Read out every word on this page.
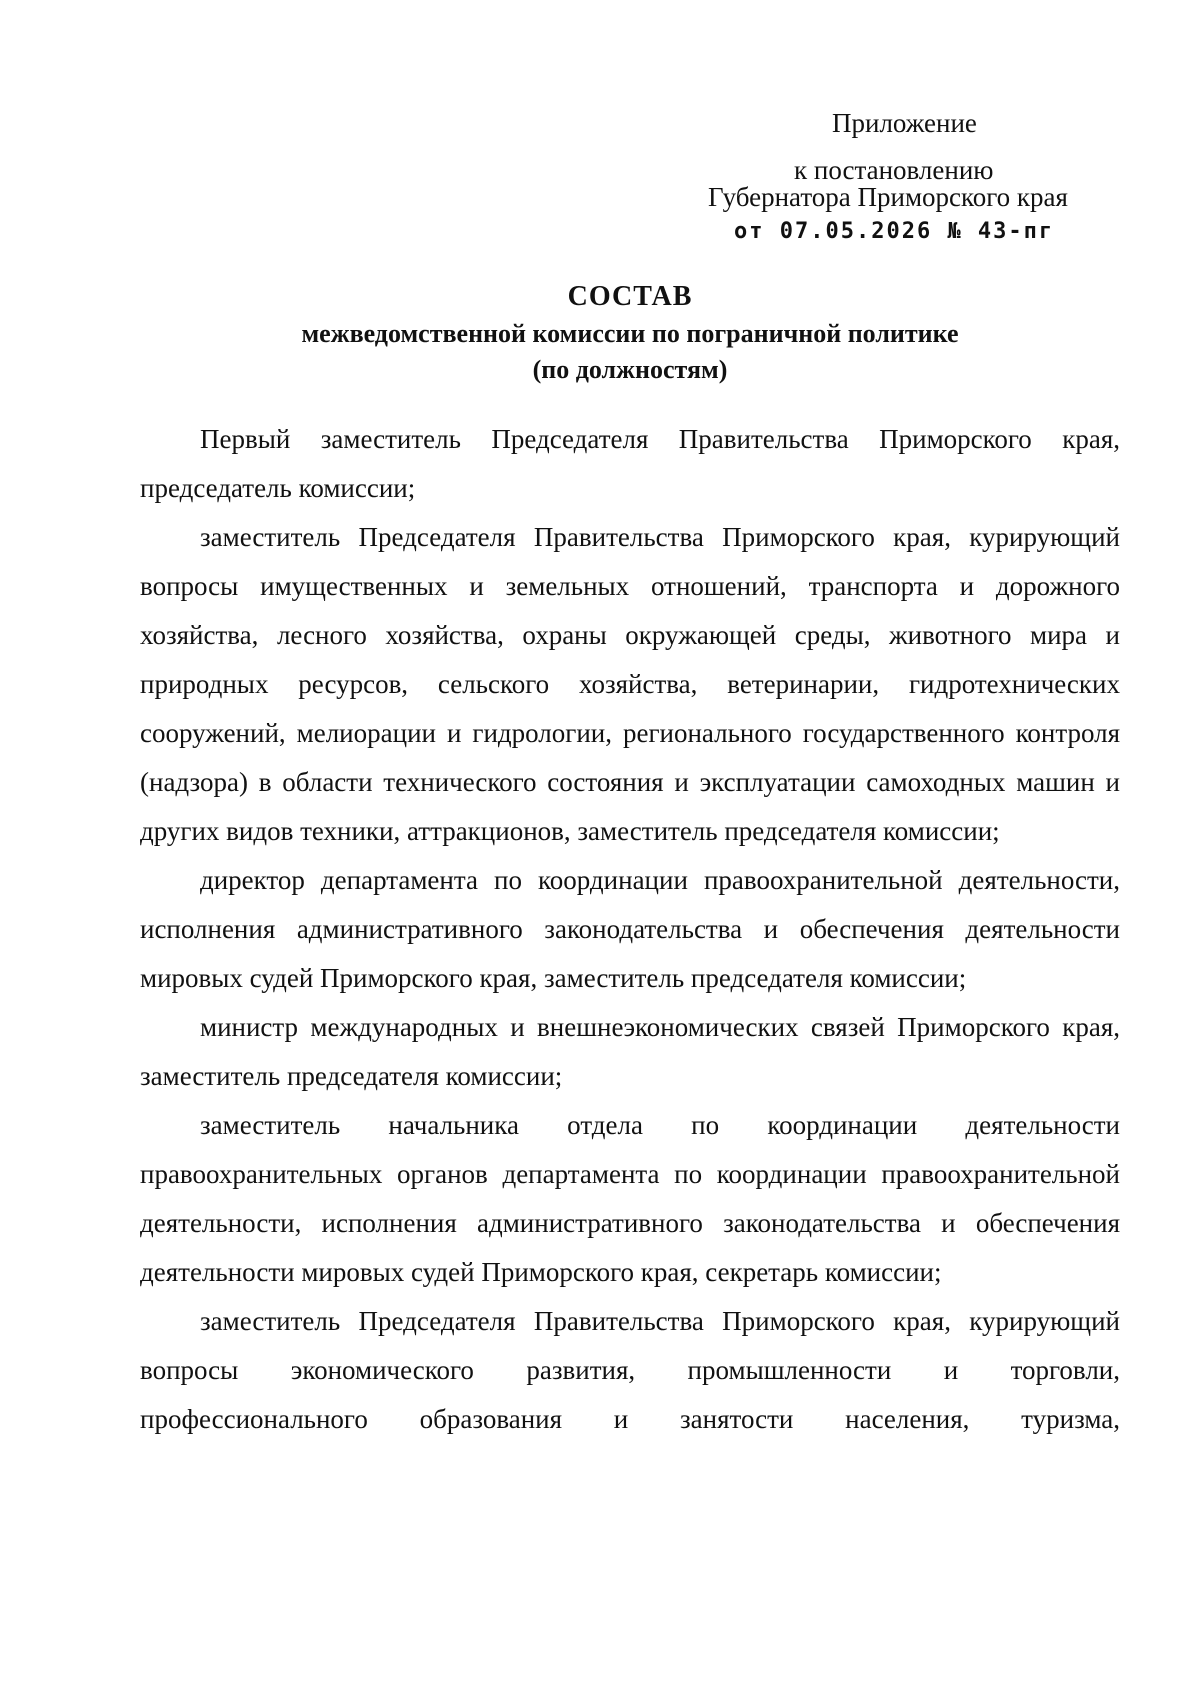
Приложение
к постановлению
Губернатора Приморского края
от 07.05.2026 № 43-пг
СОСТАВ
межведомственной комиссии по пограничной политике
(по должностям)

Первый заместитель Председателя Правительства Приморского края, председатель комиссии;

заместитель Председателя Правительства Приморского края, курирующий вопросы имущественных и земельных отношений, транспорта и дорожного хозяйства, лесного хозяйства, охраны окружающей среды, животного мира и природных ресурсов, сельского хозяйства, ветеринарии, гидротехнических сооружений, мелиорации и гидрологии, регионального государственного контроля (надзора) в области технического состояния и эксплуатации самоходных машин и других видов техники, аттракционов, заместитель председателя комиссии;

директор департамента по координации правоохранительной деятельности, исполнения административного законодательства и обеспечения деятельности мировых судей Приморского края, заместитель председателя комиссии;

министр международных и внешнеэкономических связей Приморского края, заместитель председателя комиссии;

заместитель начальника отдела по координации деятельности правоохранительных органов департамента по координации правоохранительной деятельности, исполнения административного законодательства и обеспечения деятельности мировых судей Приморского края, секретарь комиссии;

заместитель Председателя Правительства Приморского края, курирующий вопросы экономического развития, промышленности и торговли, профессионального образования и занятости населения, туризма,
